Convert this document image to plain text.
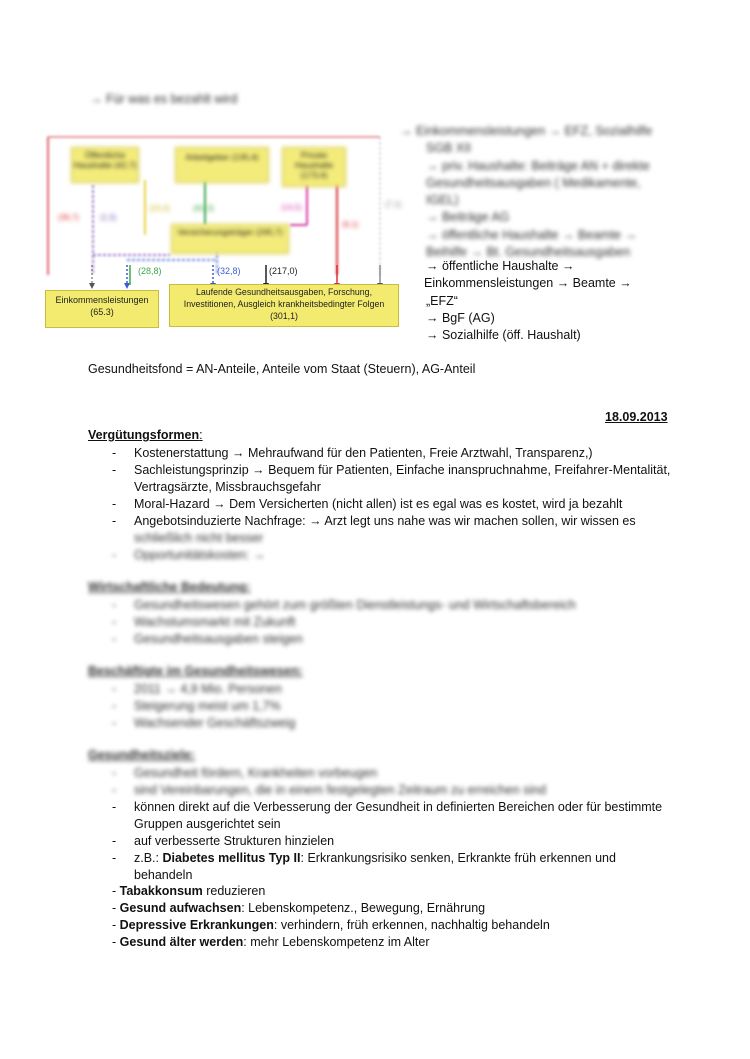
→ Für was es bezahlt wird
Öffentliche Haushalte (42,7)
Arbeitgeber (135,4)	Private Haushalte (173,4)
Versicherungsträger (245,7)
(36,7)	(1,5)
(23,3)	(65,3)	(14,5)
(6,1)
(7,1)
(28,8)	(32,8)	(217,0)
Einkommensleistungen (65.3)
Laufende Gesundheitsausgaben, Forschung, Investitionen, Ausgleich krankheitsbedingter Folgen (301,1)
→ Einkommensleistungen → EFZ, Sozialhilfe
SGB XII
→ priv. Haushalte: Beiträge AN + direkte
Gesundheitsausgaben ( Medikamente,
IGEL)
→ Beiträge AG
→ öffentliche Haushalte → Beamte →
Beihilfe → Bt. Gesundheitsausgaben
→ öffentliche Haushalte →
Einkommensleistungen → Beamte →
„EFZ“
→ BgF (AG)
→ Sozialhilfe (öff. Haushalt)
Gesundheitsfond = AN-Anteile, Anteile vom Staat (Steuern), AG-Anteil
18.09.2013
Vergütungsformen:
-	Kostenerstattung → Mehraufwand für den Patienten, Freie Arztwahl, Transparenz,)
-	Sachleistungsprinzip → Bequem für Patienten, Einfache inanspruchnahme, Freifahrer-Mentalität, Vertragsärzte, Missbrauchsgefahr
-	Moral-Hazard → Dem Versicherten (nicht allen) ist es egal was es kostet, wird ja bezahlt
-	Angebotsinduzierte Nachfrage: → Arzt legt uns nahe was wir machen sollen, wir wissen es
schließlich nicht besser
-	Opportunitätskosten: →
Wirtschaftliche Bedeutung:
-	Gesundheitswesen gehört zum größten Dienstleistungs- und Wirtschaftsbereich
-	Wachstumsmarkt mit Zukunft
-	Gesundheitsausgaben steigen
Beschäftigte im Gesundheitswesen:
-	2011 → 4,9 Mio. Personen
-	Steigerung meist um 1,7%
-	Wachsender Geschäftszweig
Gesundheitsziele:
-	Gesundheit fördern, Krankheiten vorbeugen
-	sind Vereinbarungen, die in einem festgelegten Zeitraum zu erreichen sind
-	können direkt auf die Verbesserung der Gesundheit in definierten Bereichen oder für bestimmte Gruppen ausgerichtet sein
-	auf verbesserte Strukturen hinzielen
-	z.B.: Diabetes mellitus Typ II: Erkrankungsrisiko senken, Erkrankte früh erkennen und behandeln
- Tabakkonsum reduzieren
- Gesund aufwachsen: Lebenskompetenz., Bewegung, Ernährung
- Depressive Erkrankungen: verhindern, früh erkennen, nachhaltig behandeln
- Gesund älter werden: mehr Lebenskompetenz im Alter
